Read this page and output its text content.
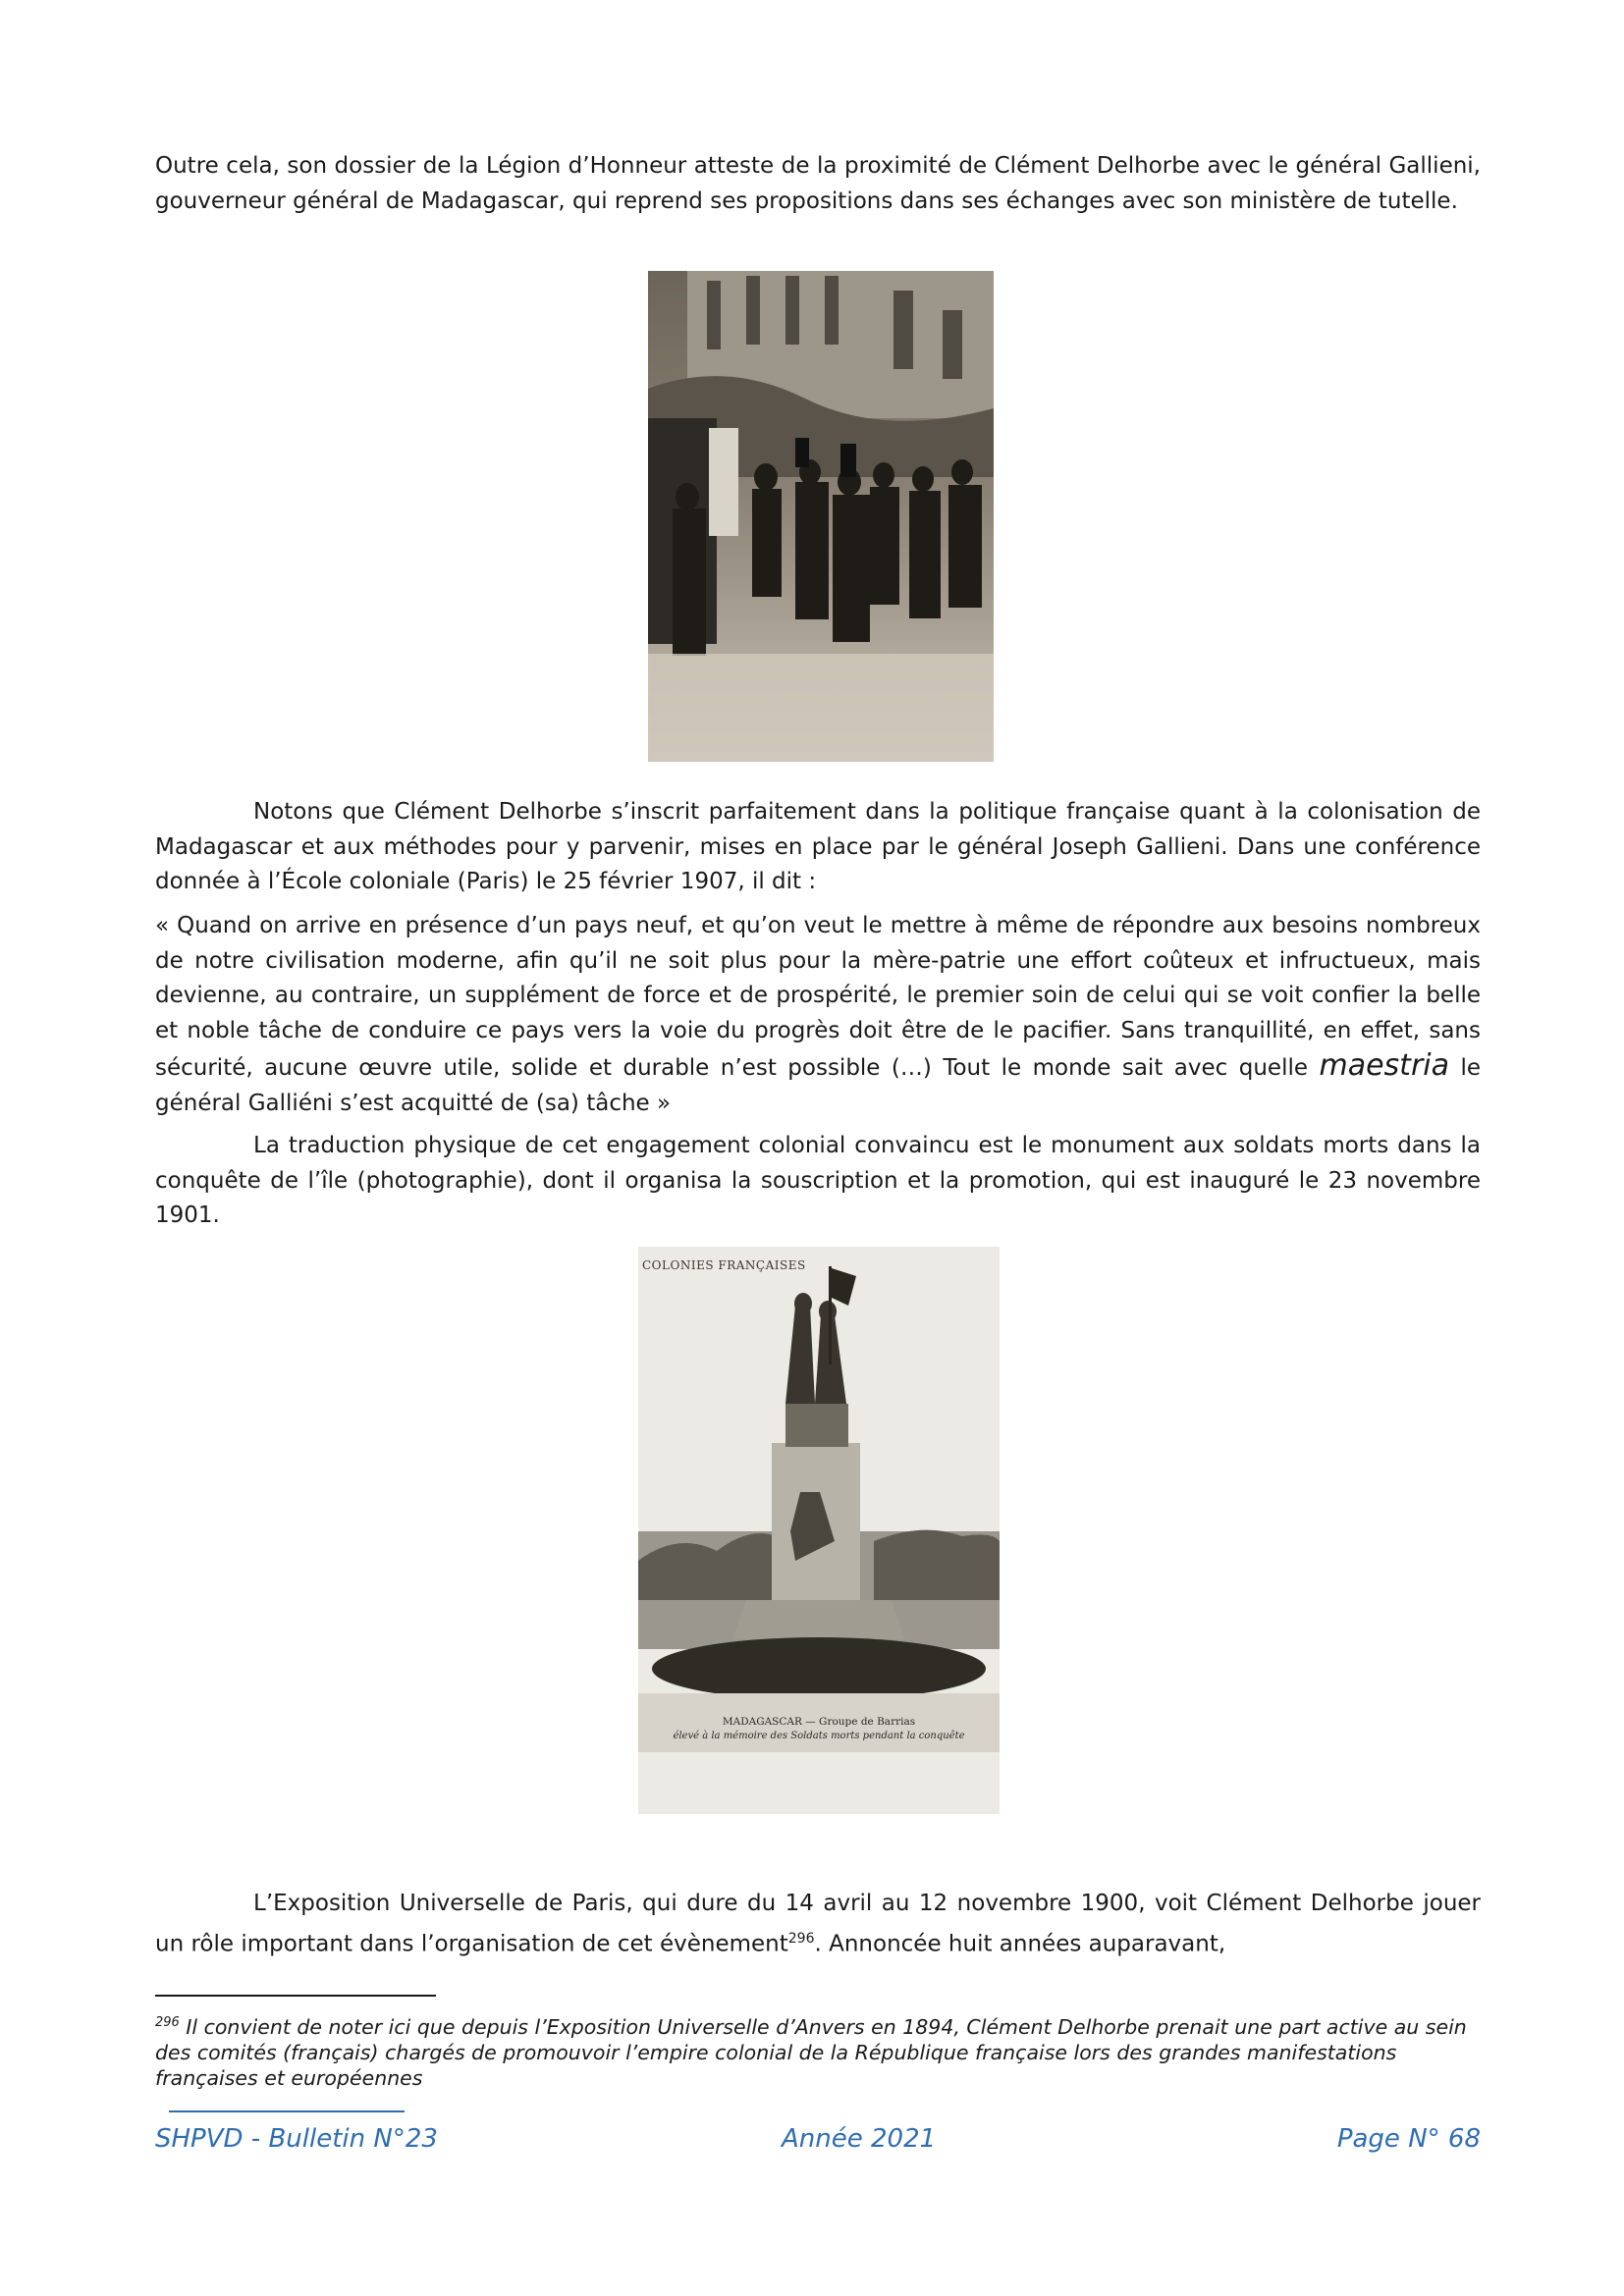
Outre cela, son dossier de la Légion d’Honneur atteste de la proximité de Clément Delhorbe avec le général Gallieni, gouverneur général de Madagascar, qui reprend ses propositions dans ses échanges avec son ministère de tutelle.

Notons que Clément Delhorbe s’inscrit parfaitement dans la politique française quant à la colonisation de Madagascar et aux méthodes pour y parvenir, mises en place par le général Joseph Gallieni. Dans une conférence donnée à l’École coloniale (Paris) le 25 février 1907, il dit :

« Quand on arrive en présence d’un pays neuf, et qu’on veut le mettre à même de répondre aux besoins nombreux de notre civilisation moderne, afin qu’il ne soit plus pour la mère-patrie une effort coûteux et infructueux, mais devienne, au contraire, un supplément de force et de prospérité, le premier soin de celui qui se voit confier la belle et noble tâche de conduire ce pays vers la voie du progrès doit être de le pacifier. Sans tranquillité, en effet, sans sécurité, aucune œuvre utile, solide et durable n’est possible (…) Tout le monde sait avec quelle maestria le général Galliéni s’est acquitté de (sa) tâche »

La traduction physique de cet engagement colonial convaincu est le monument aux soldats morts dans la conquête de l’île (photographie), dont il organisa la souscription et la promotion, qui est inauguré le 23 novembre 1901.

COLONIES FRANÇAISES
MADAGASCAR — Groupe de Barrias
élevé à la mémoire des Soldats morts pendant la conquête

L’Exposition Universelle de Paris, qui dure du 14 avril au 12 novembre 1900, voit Clément Delhorbe jouer un rôle important dans l’organisation de cet évènement$^{296}$. Annoncée huit années auparavant,

$^{296}$ Il convient de noter ici que depuis l’Exposition Universelle d’Anvers en 1894, Clément Delhorbe prenait une part active au sein des comités (français) chargés de promouvoir l’empire colonial de la République française lors des grandes manifestations françaises et européennes

SHPVD - Bulletin N°23	Année 2021	Page N° 68
